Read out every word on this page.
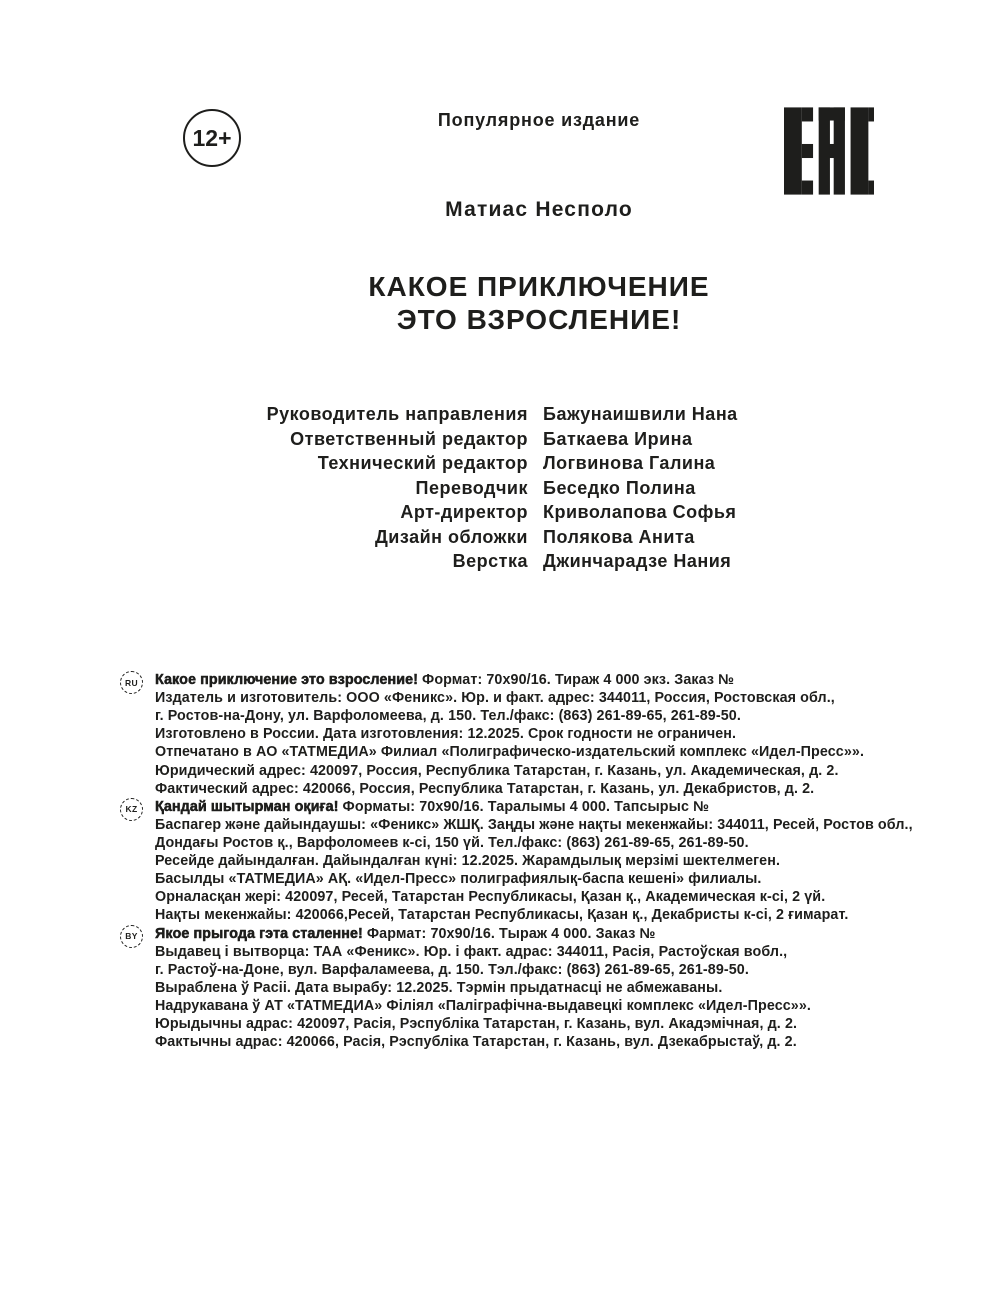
12+
Популярное издание
Матиас Несполо
КАКОЕ ПРИКЛЮЧЕНИЕ
ЭТО ВЗРОСЛЕНИЕ!
Руководитель направления Бажунаишвили Нана
Ответственный редактор Баткаева Ирина
Технический редактор Логвинова Галина
Переводчик Беседко Полина
Арт-директор Криволапова Софья
Дизайн обложки Полякова Анита
Верстка Джинчарадзе Нания
RU	Какое приключение это взросление! Формат: 70х90/16. Тираж 4 000 экз. Заказ №
Издатель и изготовитель: ООО «Феникс». Юр. и факт. адрес: 344011, Россия, Ростовская обл.,
г. Ростов-на-Дону, ул. Варфоломеева, д. 150. Тел./факс: (863) 261-89-65, 261-89-50.
Изготовлено в России. Дата изготовления: 12.2025. Срок годности не ограничен.
Отпечатано в АО «ТАТМЕДИА» Филиал «Полиграфическо-издательский комплекс «Идел-Пресс»».
Юридический адрес: 420097, Россия, Республика Татарстан, г. Казань, ул. Академическая, д. 2.
Фактический адрес: 420066, Россия, Республика Татарстан, г. Казань, ул. Декабристов, д. 2.
KZ	Қандай шытырман оқиға! Форматы: 70х90/16. Таралымы 4 000. Тапсырыс №
Баспагер және дайындаушы: «Феникс» ЖШҚ. Заңды және нақты мекенжайы: 344011, Ресей, Ростов обл.,
Дондағы Ростов қ., Варфоломеев к-сі, 150 үй. Тел./факс: (863) 261-89-65, 261-89-50.
Ресейде дайындалған. Дайындалған күні: 12.2025. Жарамдылық мерзімі шектелмеген.
Басылды «ТАТМЕДИА» АҚ. «Идел-Пресс» полиграфиялық-баспа кешені» филиалы.
Орналасқан жері: 420097, Ресей, Татарстан Республикасы, Қазан қ., Академическая к-сі, 2 үй.
Нақты мекенжайы: 420066,Ресей, Татарстан Республикасы, Қазан қ., Декабристы к-сі, 2 ғимарат.
BY	Якое прыгода гэта сталенне! Фармат: 70х90/16. Тыраж 4 000. Заказ №
Выдавец і вытворца: ТАА «Феникс». Юр. і факт. адрас: 344011, Расія, Растоўская вобл.,
г. Растоў-на-Доне, вул. Варфаламеева, д. 150. Тэл./факс: (863) 261-89-65, 261-89-50.
Выраблена ў Расіі. Дата вырабу: 12.2025. Тэрмін прыдатнасці не абмежаваны.
Надрукавана ў АТ «ТАТМЕДИА» Філіял «Паліграфічна-выдавецкі комплекс «Идел-Пресс»».
Юрыдычны адрас: 420097, Расія, Рэспубліка Татарстан, г. Казань, вул. Акадэмічная, д. 2.
Фактычны адрас: 420066, Расія, Рэспубліка Татарстан, г. Казань, вул. Дзекабрыстаў, д. 2.
